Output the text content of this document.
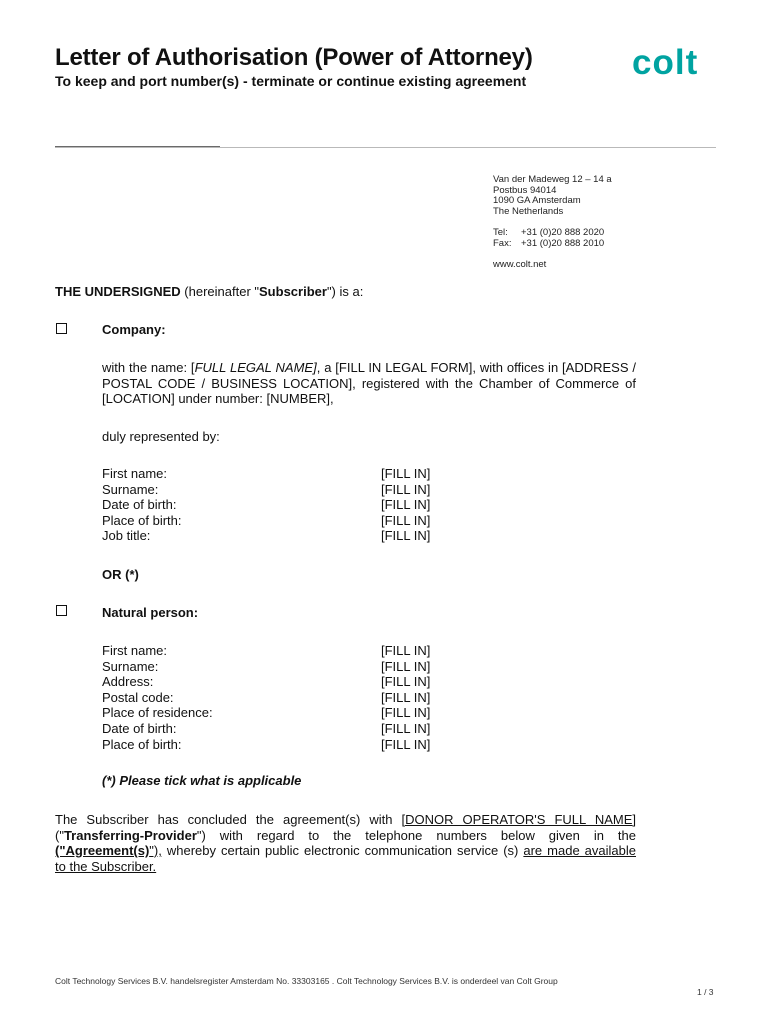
Letter of Authorisation (Power of Attorney)
To keep and port number(s) - terminate or continue existing agreement	colt
Van der Madeweg 12 – 14 a
Postbus 94014
1090 GA Amsterdam
The Netherlands
Tel: +31 (0)20 888 2020
Fax: +31 (0)20 888 2010
www.colt.net
THE UNDERSIGNED (hereinafter "Subscriber") is a:
Company:
with the name: [FULL LEGAL NAME], a [FILL IN LEGAL FORM], with offices in [ADDRESS / POSTAL CODE / BUSINESS LOCATION], registered with the Chamber of Commerce of [LOCATION] under number: [NUMBER],
duly represented by:
First name:	[FILL IN]
Surname:	[FILL IN]
Date of birth:	[FILL IN]
Place of birth:	[FILL IN]
Job title:	[FILL IN]
OR (*)
Natural person:
First name:	[FILL IN]
Surname:	[FILL IN]
Address:	[FILL IN]
Postal code:	[FILL IN]
Place of residence:	[FILL IN]
Date of birth:	[FILL IN]
Place of birth:	[FILL IN]
(*) Please tick what is applicable
The Subscriber has concluded the agreement(s) with [DONOR OPERATOR'S FULL NAME] ("Transferring-Provider") with regard to the telephone numbers below given in the ("Agreement(s)"), whereby certain public electronic communication service (s) are made available to the Subscriber.
Colt Technology Services B.V. handelsregister Amsterdam No. 33303165 . Colt Technology Services B.V. is onderdeel van Colt Group
1 / 3
